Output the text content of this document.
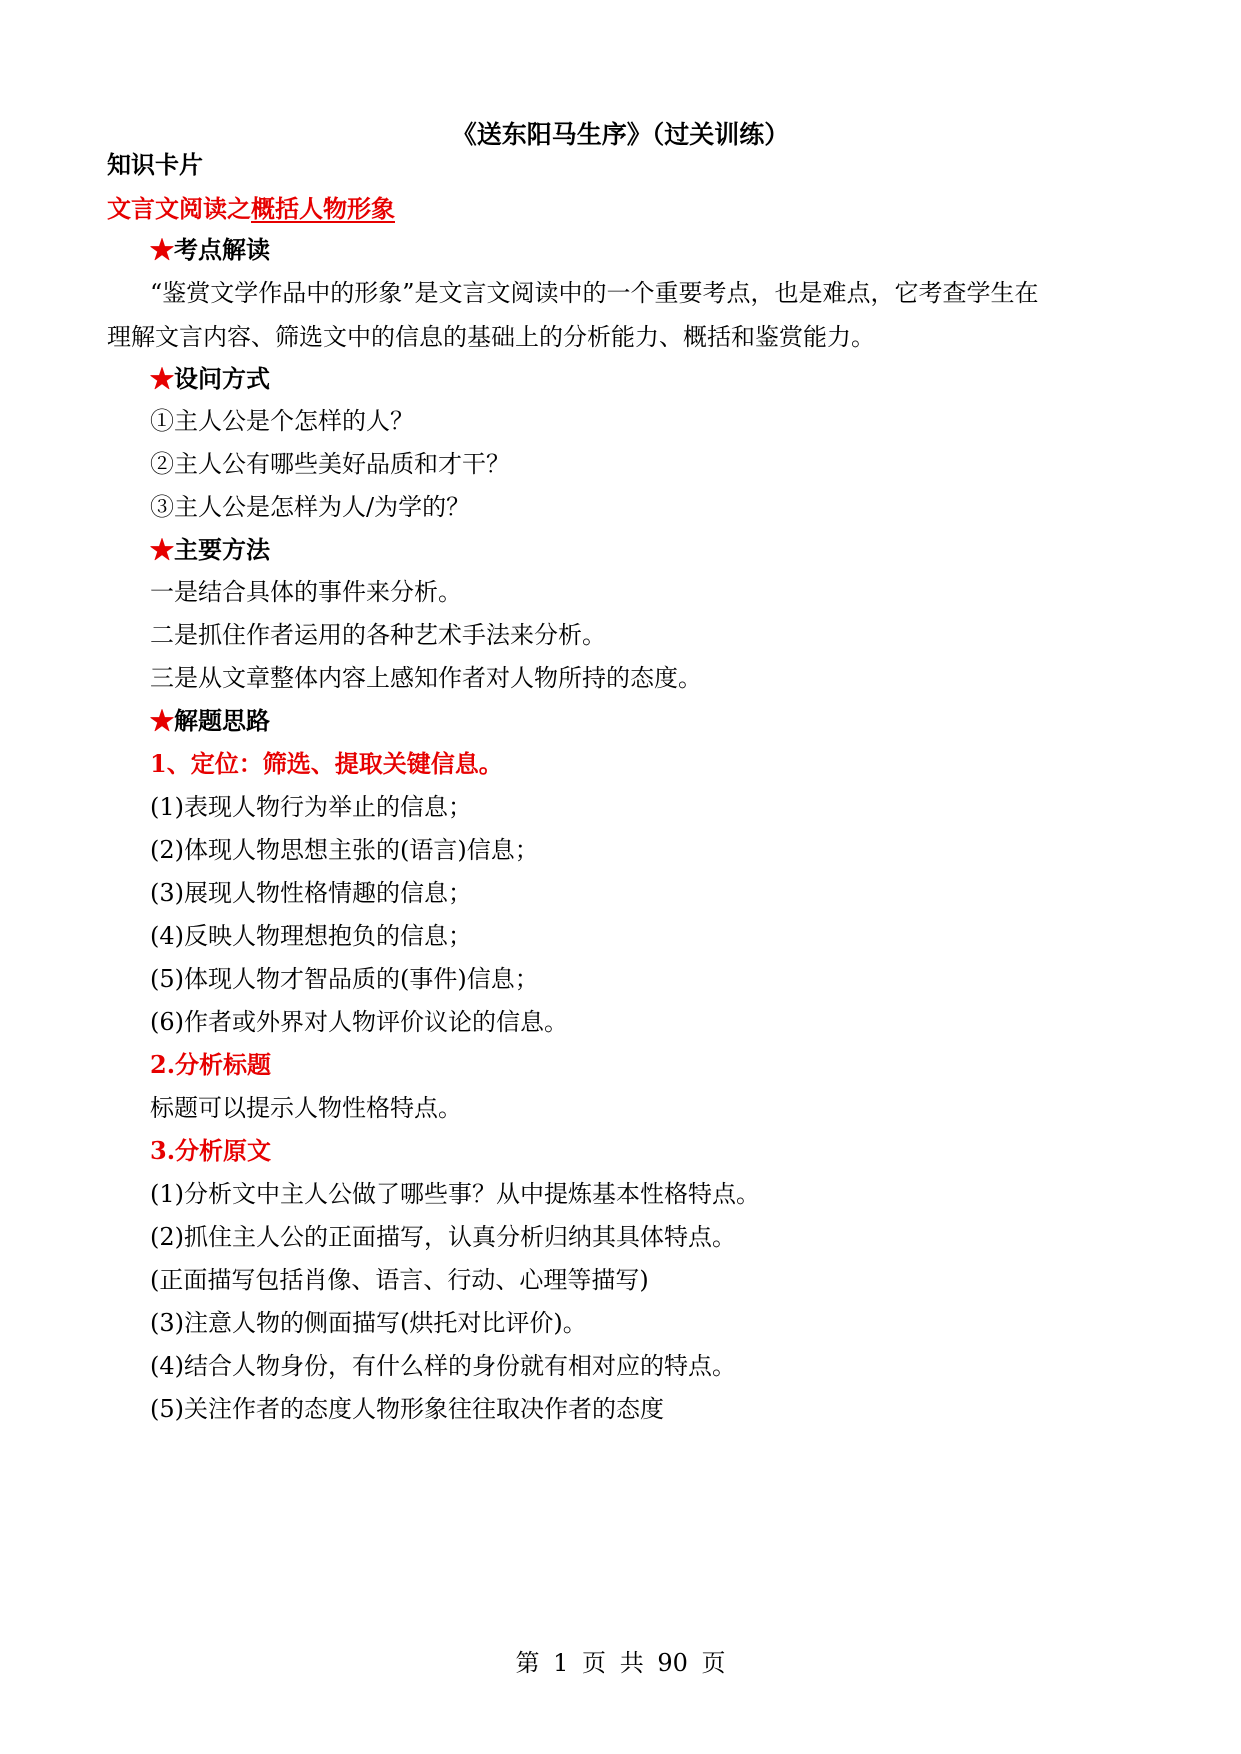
《送东阳马生序》（过关训练）
知识卡片
文言文阅读之概括人物形象
★考点解读
“鉴赏文学作品中的形象”是文言文阅读中的一个重要考点，也是难点，它考查学生在
理解文言内容、筛选文中的信息的基础上的分析能力、概括和鉴赏能力。
★设问方式
①主人公是个怎样的人？
②主人公有哪些美好品质和才干？
③主人公是怎样为人/为学的？
★主要方法
一是结合具体的事件来分析。
二是抓住作者运用的各种艺术手法来分析。
三是从文章整体内容上感知作者对人物所持的态度。
★解题思路
1、定位：筛选、提取关键信息。
(1)表现人物行为举止的信息；
(2)体现人物思想主张的(语言)信息；
(3)展现人物性格情趣的信息；
(4)反映人物理想抱负的信息；
(5)体现人物才智品质的(事件)信息；
(6)作者或外界对人物评价议论的信息。
2.分析标题
标题可以提示人物性格特点。
3.分析原文
(1)分析文中主人公做了哪些事？从中提炼基本性格特点。
(2)抓住主人公的正面描写，认真分析归纳其具体特点。
(正面描写包括肖像、语言、行动、心理等描写)
(3)注意人物的侧面描写(烘托对比评价)。
(4)结合人物身份，有什么样的身份就有相对应的特点。
(5)关注作者的态度人物形象往往取决作者的态度
第 1 页 共 90 页
